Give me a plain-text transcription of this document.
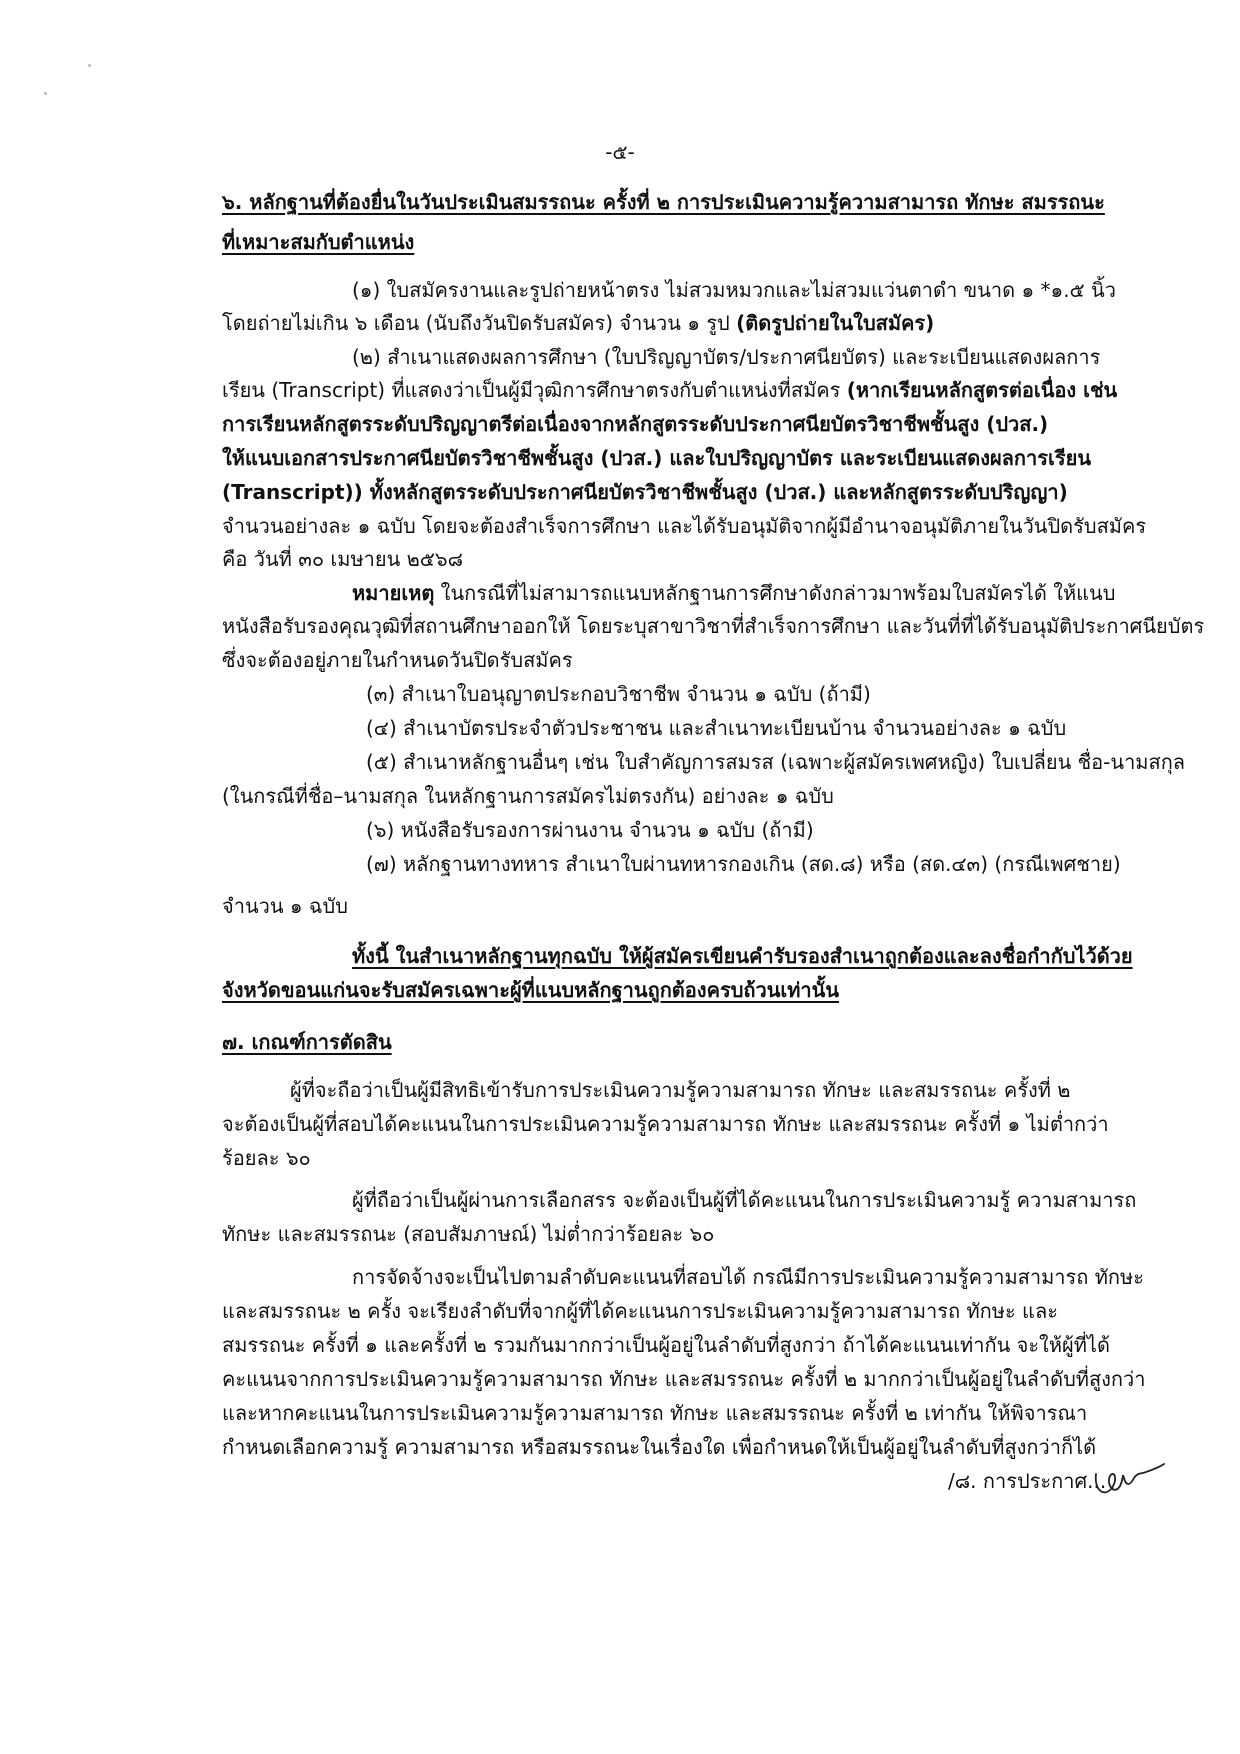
-๕-
๖. หลักฐานที่ต้องยื่นในวันประเมินสมรรถนะ ครั้งที่ ๒ การประเมินความรู้ความสามารถ ทักษะ สมรรถนะ
ที่เหมาะสมกับตำแหน่ง
(๑) ใบสมัครงานและรูปถ่ายหน้าตรง ไม่สวมหมวกและไม่สวมแว่นตาดำ ขนาด ๑ *๑.๕ นิ้ว
โดยถ่ายไม่เกิน ๖ เดือน (นับถึงวันปิดรับสมัคร) จำนวน ๑ รูป (ติดรูปถ่ายในใบสมัคร)
(๒) สำเนาแสดงผลการศึกษา (ใบปริญญาบัตร/ประกาศนียบัตร) และระเบียนแสดงผลการ
เรียน (Transcript) ที่แสดงว่าเป็นผู้มีวุฒิการศึกษาตรงกับตำแหน่งที่สมัคร (หากเรียนหลักสูตรต่อเนื่อง เช่น
การเรียนหลักสูตรระดับปริญญาตรีต่อเนื่องจากหลักสูตรระดับประกาศนียบัตรวิชาชีพชั้นสูง (ปวส.)
ให้แนบเอกสารประกาศนียบัตรวิชาชีพชั้นสูง (ปวส.) และใบปริญญาบัตร และระเบียนแสดงผลการเรียน
(Transcript)) ทั้งหลักสูตรระดับประกาศนียบัตรวิชาชีพชั้นสูง (ปวส.) และหลักสูตรระดับปริญญา)
จำนวนอย่างละ ๑ ฉบับ โดยจะต้องสำเร็จการศึกษา และได้รับอนุมัติจากผู้มีอำนาจอนุมัติภายในวันปิดรับสมัคร
คือ วันที่ ๓๐ เมษายน ๒๕๖๘
หมายเหตุ ในกรณีที่ไม่สามารถแนบหลักฐานการศึกษาดังกล่าวมาพร้อมใบสมัครได้ ให้แนบ
หนังสือรับรองคุณวุฒิที่สถานศึกษาออกให้ โดยระบุสาขาวิชาที่สำเร็จการศึกษา และวันที่ที่ได้รับอนุมัติประกาศนียบัตร
ซึ่งจะต้องอยู่ภายในกำหนดวันปิดรับสมัคร
(๓) สำเนาใบอนุญาตประกอบวิชาชีพ จำนวน ๑ ฉบับ (ถ้ามี)
(๔) สำเนาบัตรประจำตัวประชาชน และสำเนาทะเบียนบ้าน จำนวนอย่างละ ๑ ฉบับ
(๕) สำเนาหลักฐานอื่นๆ เช่น ใบสำคัญการสมรส (เฉพาะผู้สมัครเพศหญิง) ใบเปลี่ยน ชื่อ-นามสกุล
(ในกรณีที่ชื่อ–นามสกุล ในหลักฐานการสมัครไม่ตรงกัน) อย่างละ ๑ ฉบับ
(๖) หนังสือรับรองการผ่านงาน จำนวน ๑ ฉบับ (ถ้ามี)
(๗) หลักฐานทางทหาร สำเนาใบผ่านทหารกองเกิน (สด.๘) หรือ (สด.๔๓) (กรณีเพศชาย)
จำนวน ๑ ฉบับ
ทั้งนี้ ในสำเนาหลักฐานทุกฉบับ ให้ผู้สมัครเขียนคำรับรองสำเนาถูกต้องและลงชื่อกำกับไว้ด้วย
จังหวัดขอนแก่นจะรับสมัครเฉพาะผู้ที่แนบหลักฐานถูกต้องครบถ้วนเท่านั้น
๗. เกณฑ์การตัดสิน
ผู้ที่จะถือว่าเป็นผู้มีสิทธิเข้ารับการประเมินความรู้ความสามารถ ทักษะ และสมรรถนะ ครั้งที่ ๒
จะต้องเป็นผู้ที่สอบได้คะแนนในการประเมินความรู้ความสามารถ ทักษะ และสมรรถนะ ครั้งที่ ๑ ไม่ต่ำกว่า
ร้อยละ ๖๐
ผู้ที่ถือว่าเป็นผู้ผ่านการเลือกสรร จะต้องเป็นผู้ที่ได้คะแนนในการประเมินความรู้ ความสามารถ
ทักษะ และสมรรถนะ (สอบสัมภาษณ์) ไม่ต่ำกว่าร้อยละ ๖๐
การจัดจ้างจะเป็นไปตามลำดับคะแนนที่สอบได้ กรณีมีการประเมินความรู้ความสามารถ ทักษะ
และสมรรถนะ ๒ ครั้ง จะเรียงลำดับที่จากผู้ที่ได้คะแนนการประเมินความรู้ความสามารถ ทักษะ และ
สมรรถนะ ครั้งที่ ๑ และครั้งที่ ๒ รวมกันมากกว่าเป็นผู้อยู่ในลำดับที่สูงกว่า ถ้าได้คะแนนเท่ากัน จะให้ผู้ที่ได้
คะแนนจากการประเมินความรู้ความสามารถ ทักษะ และสมรรถนะ ครั้งที่ ๒ มากกว่าเป็นผู้อยู่ในลำดับที่สูงกว่า
และหากคะแนนในการประเมินความรู้ความสามารถ ทักษะ และสมรรถนะ ครั้งที่ ๒ เท่ากัน ให้พิจารณา
กำหนดเลือกความรู้ ความสามารถ หรือสมรรถนะในเรื่องใด เพื่อกำหนดให้เป็นผู้อยู่ในลำดับที่สูงกว่าก็ได้
/๘. การประกาศ...
